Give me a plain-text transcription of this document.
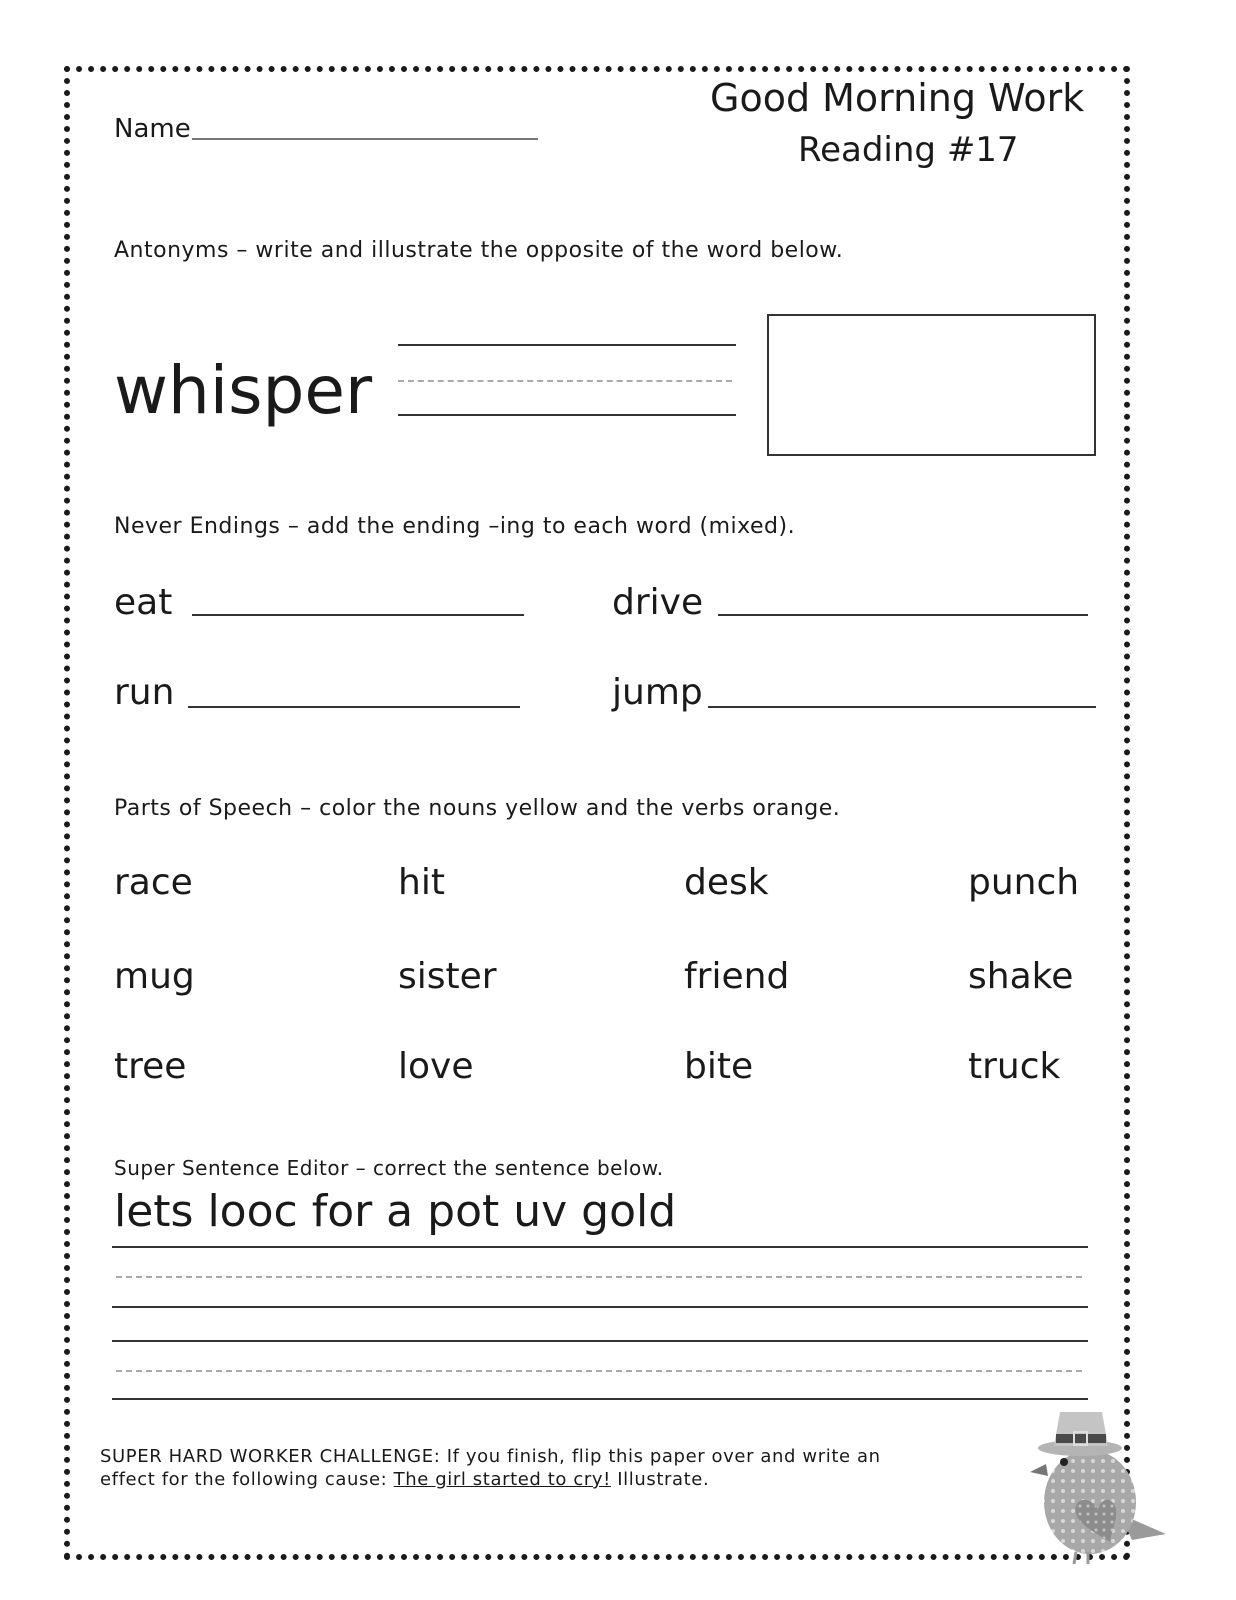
Name
Good Morning Work
Reading #17
Antonyms – write and illustrate the opposite of the word below.
whisper
Never Endings – add the ending –ing to each word (mixed).
eat	drive
run	jump
Parts of Speech – color the nouns yellow and the verbs orange.
race	hit	desk	punch
mug	sister	friend	shake
tree	love	bite	truck
Super Sentence Editor – correct the sentence below.
lets looc for a pot uv gold
SUPER HARD WORKER CHALLENGE: If you finish, flip this paper over and write an
effect for the following cause: The girl started to cry! Illustrate.
